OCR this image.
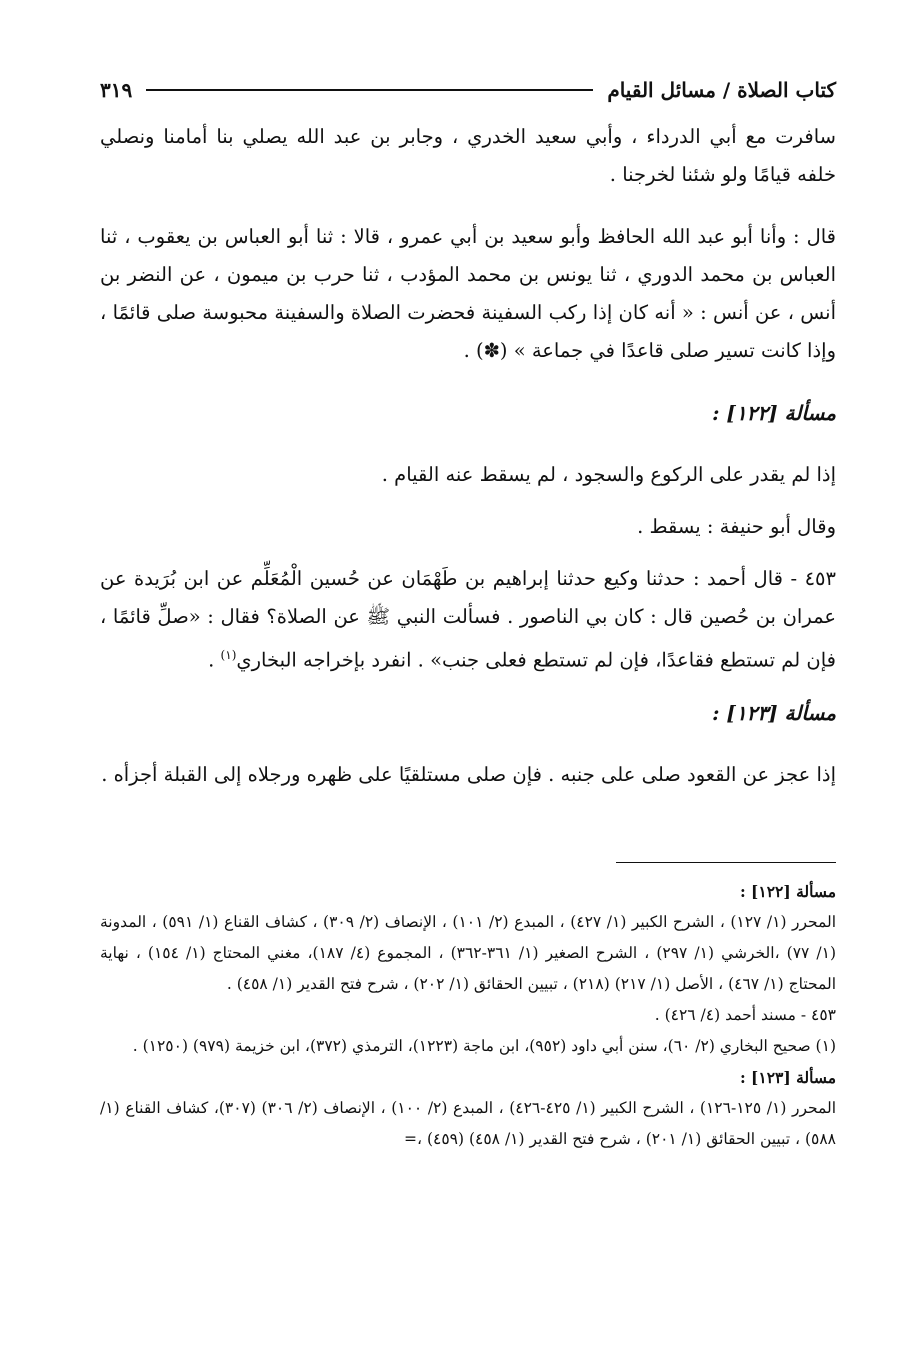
كتاب الصلاة / مسائل القيام
٣١٩

سافرت مع أبي الدرداء ، وأبي سعيد الخدري ، وجابر بن عبد الله يصلي بنا أمامنا ونصلي خلفه قيامًا ولو شئنا لخرجنا .

قال : وأنا أبو عبد الله الحافظ وأبو سعيد بن أبي عمرو ، قالا : ثنا أبو العباس بن يعقوب ، ثنا العباس بن محمد الدوري ، ثنا يونس بن محمد المؤدب ، ثنا حرب بن ميمون ، عن النضر بن أنس ، عن أنس : « أنه كان إذا ركب السفينة فحضرت الصلاة والسفينة محبوسة صلى قائمًا ، وإذا كانت تسير صلى قاعدًا في جماعة » (✽) .

مسألة [١٢٢] :

إذا لم يقدر على الركوع والسجود ، لم يسقط عنه القيام .

وقال أبو حنيفة : يسقط .

٤٥٣ - قال أحمد : حدثنا وكيع حدثنا إبراهيم بن طَهْمَان عن حُسين الْمُعَلِّم عن ابن بُرَيدة عن عمران بن حُصين قال : كان بي الناصور . فسألت النبي ﷺ عن الصلاة؟ فقال : «صلِّ قائمًا ، فإن لم تستطع فقاعدًا، فإن لم تستطع فعلى جنب» . انفرد بإخراجه البخاري$^{(١)}$ .

مسألة [١٢٣] :

إذا عجز عن القعود صلى على جنبه . فإن صلى مستلقيًا على ظهره ورجلاه إلى القبلة أجزأه .

مسألة [١٢٢] :

المحرر (١/ ١٢٧) ، الشرح الكبير (١/ ٤٢٧) ، المبدع (٢/ ١٠١) ، الإنصاف (٢/ ٣٠٩) ، كشاف القناع (١/ ٥٩١) ، المدونة (١/ ٧٧) ،الخرشي (١/ ٢٩٧) ، الشرح الصغير (١/ ٣٦١-٣٦٢) ، المجموع (٤/ ١٨٧)، مغني المحتاج (١/ ١٥٤) ، نهاية المحتاج (١/ ٤٦٧) ، الأصل (١/ ٢١٧) (٢١٨) ، تبيين الحقائق (١/ ٢٠٢) ، شرح فتح القدير (١/ ٤٥٨) .

٤٥٣ - مسند أحمد (٤/ ٤٢٦) .

(١) صحيح البخاري (٢/ ٦٠)، سنن أبي داود (٩٥٢)، ابن ماجة (١٢٢٣)، الترمذي (٣٧٢)، ابن خزيمة (٩٧٩) (١٢٥٠) .

مسألة [١٢٣] :

المحرر (١/ ١٢٥-١٢٦) ، الشرح الكبير (١/ ٤٢٥-٤٢٦) ، المبدع (٢/ ١٠٠) ، الإنصاف (٢/ ٣٠٦) (٣٠٧)، كشاف القناع (١/ ٥٨٨) ، تبيين الحقائق (١/ ٢٠١) ، شرح فتح القدير (١/ ٤٥٨) (٤٥٩) ،=
